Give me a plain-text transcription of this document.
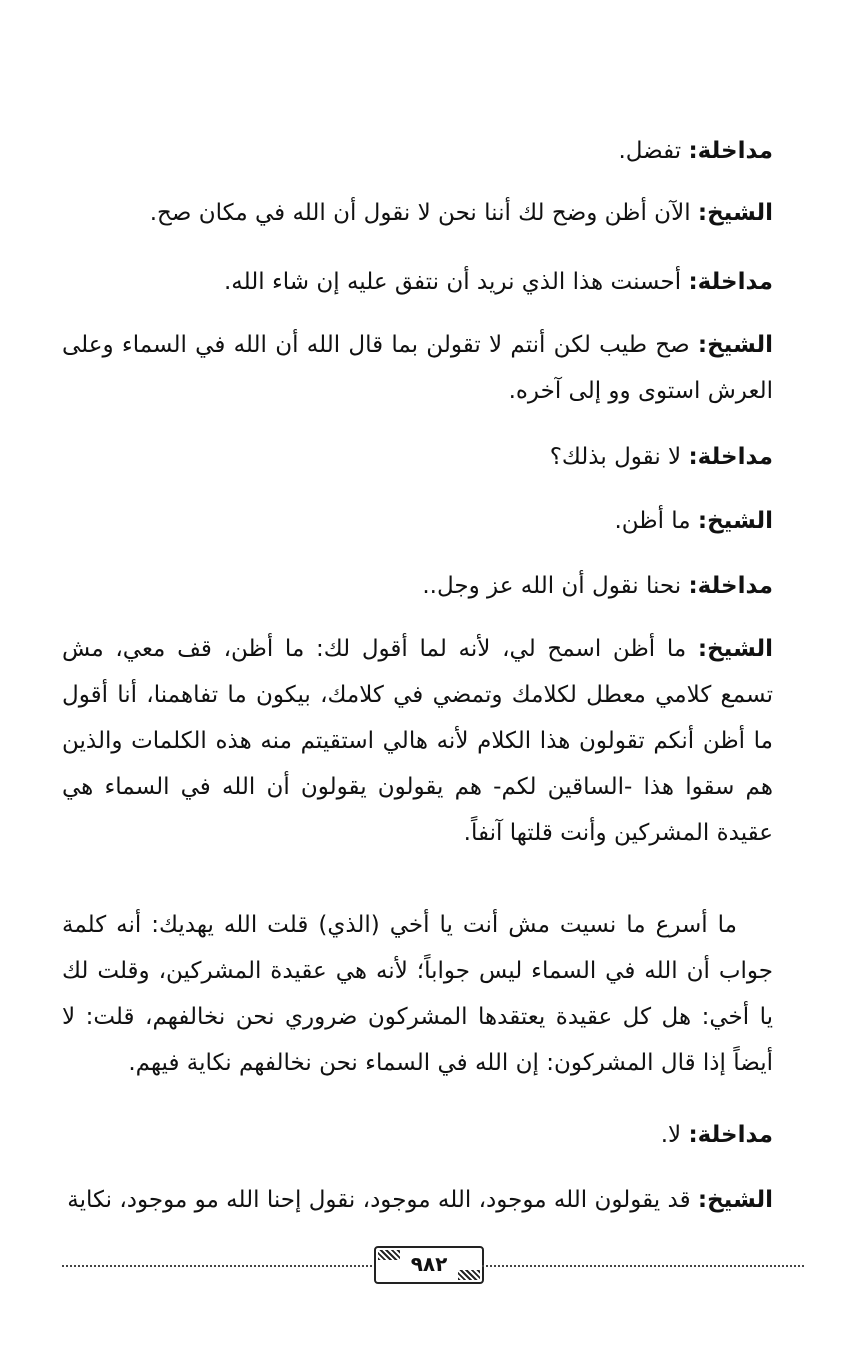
مداخلة: تفضل.

الشيخ: الآن أظن وضح لك أننا نحن لا نقول أن الله في مكان صح.

مداخلة: أحسنت هذا الذي نريد أن نتفق عليه إن شاء الله.

الشيخ: صح طيب لكن أنتم لا تقولن بما قال الله أن الله في السماء وعلى العرش استوى وو إلى آخره.

مداخلة: لا نقول بذلك؟

الشيخ: ما أظن.

مداخلة: نحنا نقول أن الله عز وجل..

الشيخ: ما أظن اسمح لي، لأنه لما أقول لك: ما أظن، قف معي، مش تسمع كلامي معطل لكلامك وتمضي في كلامك، بيكون ما تفاهمنا، أنا أقول ما أظن أنكم تقولون هذا الكلام لأنه هالي استقيتم منه هذه الكلمات والذين هم سقوا هذا -الساقين لكم- هم يقولون يقولون أن الله في السماء هي عقيدة المشركين وأنت قلتها آنفاً.

ما أسرع ما نسيت مش أنت يا أخي (الذي) قلت الله يهديك: أنه كلمة جواب أن الله في السماء ليس جواباً؛ لأنه هي عقيدة المشركين، وقلت لك يا أخي: هل كل عقيدة يعتقدها المشركون ضروري نحن نخالفهم، قلت: لا أيضاً إذا قال المشركون: إن الله في السماء نحن نخالفهم نكاية فيهم.

مداخلة: لا.

الشيخ: قد يقولون الله موجود، الله موجود، نقول إحنا الله مو موجود، نكاية

٩٨٢
